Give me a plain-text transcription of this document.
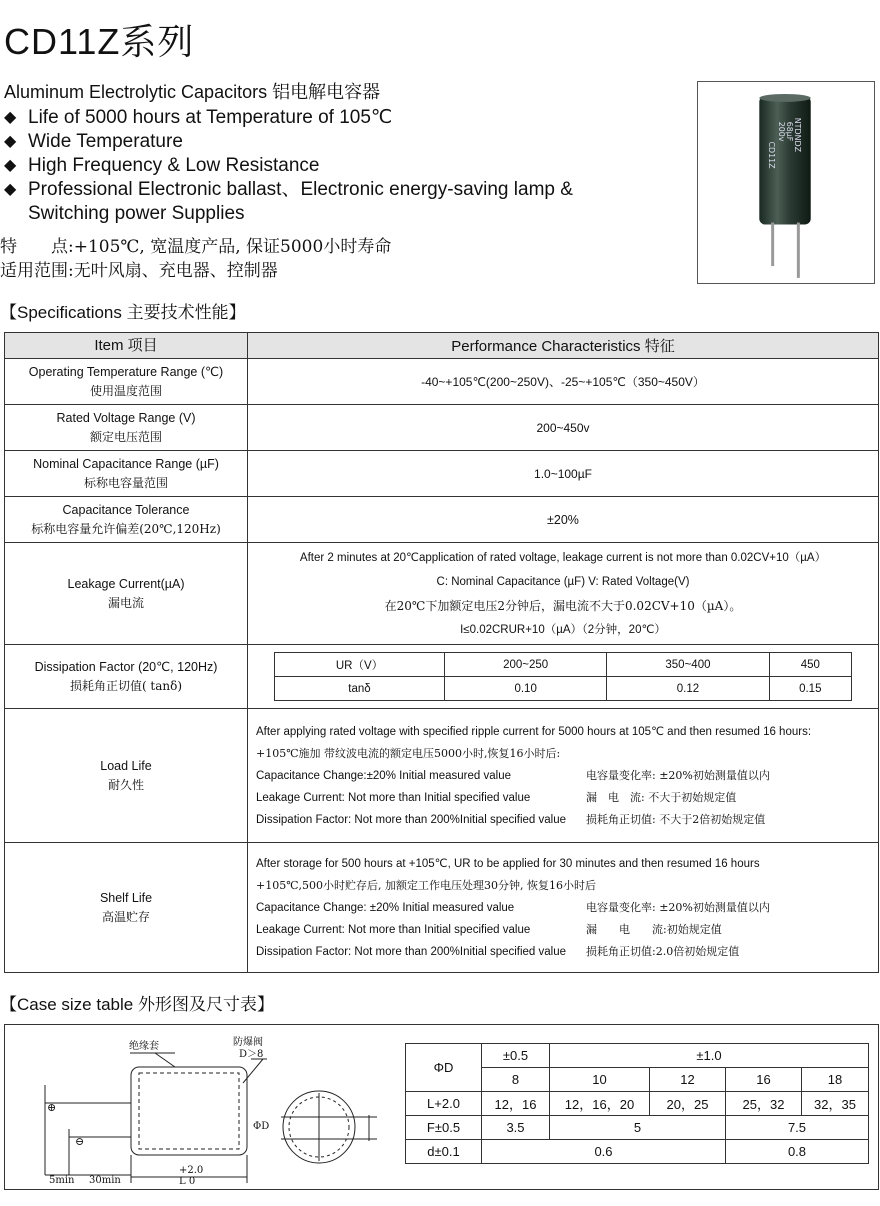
CD11Z系列
Aluminum Electrolytic Capacitors 铝电解电容器
◆ Life of 5000 hours at Temperature of 105℃
◆ Wide Temperature
◆ High Frequency & Low Resistance
◆ Professional Electronic ballast、Electronic energy-saving lamp & Switching power Supplies
特　　点:+105℃, 宽温度产品, 保证5000小时寿命
适用范围:无叶风扇、充电器、控制器
CD11Z
200v
68µF
NTDNDZ
【Specifications 主要技术性能】
Item 项目	Performance Characteristics 特征

Operating Temperature Range (℃)
使用温度范围
	-40~+105℃(200~250V)、-25~+105℃（350~450V）

Rated Voltage Range (V)
额定电压范围
	200~450v

Nominal Capacitance Range (µF)
标称电容量范围
	1.0~100µF

Capacitance Tolerance
标称电容量允许偏差(20℃,120Hz)
	±20%

Leakage Current(µA)
漏电流

After 2 minutes at 20℃application of rated voltage, leakage current is not more than 0.02CV+10（µA）

C: Nominal Capacitance (µF) V: Rated Voltage(V)

在20℃下加额定电压2分钟后，漏电流不大于0.02CV+10（µA）。

I≤0.02CRUR+10（µA）（2分钟，20℃）

Dissipation Factor (20℃, 120Hz)
损耗角正切值( tanδ)

UR（V）	200~250	350~400	450
tanδ	0.10	0.12	0.15

Load Life
耐久性

After applying rated voltage with specified ripple current for 5000 hours at 105℃ and then resumed 16 hours:
+105℃施加 带纹波电流的额定电压5000小时,恢复16小时后:
Capacitance Change:±20% Initial measured value	电容量变化率: ±20%初始测量值以内
Leakage Current: Not more than Initial specified value	漏　电　流: 不大于初始规定值
Dissipation Factor: Not more than 200%Initial specified value	损耗角正切值: 不大于2倍初始规定值

Shelf Life
高温贮存

After storage for 500 hours at +105℃, UR to be applied for 30 minutes and then resumed 16 hours
+105℃,500小时贮存后, 加额定工作电压处理30分钟, 恢复16小时后
Capacitance Change: ±20% Initial measured value	电容量变化率: ±20%初始测量值以内
Leakage Current: Not more than Initial specified value	漏　　电　　流:初始规定值
Dissipation Factor: Not more than 200%Initial specified value	损耗角正切值:2.0倍初始规定值
【Case size table 外形图及尺寸表】
绝缘套	防爆阀
D＞8
5min 30min
+2.0
L 0
ΦD
⊕
⊖
ΦD	±0.5	±1.0			
	8	10	12	16	18
L+2.0	12，16	12，16，20	20，25	25，32	32，35
F±0.5	3.5	5		7.5	
d±0.1	0.6			0.8	
